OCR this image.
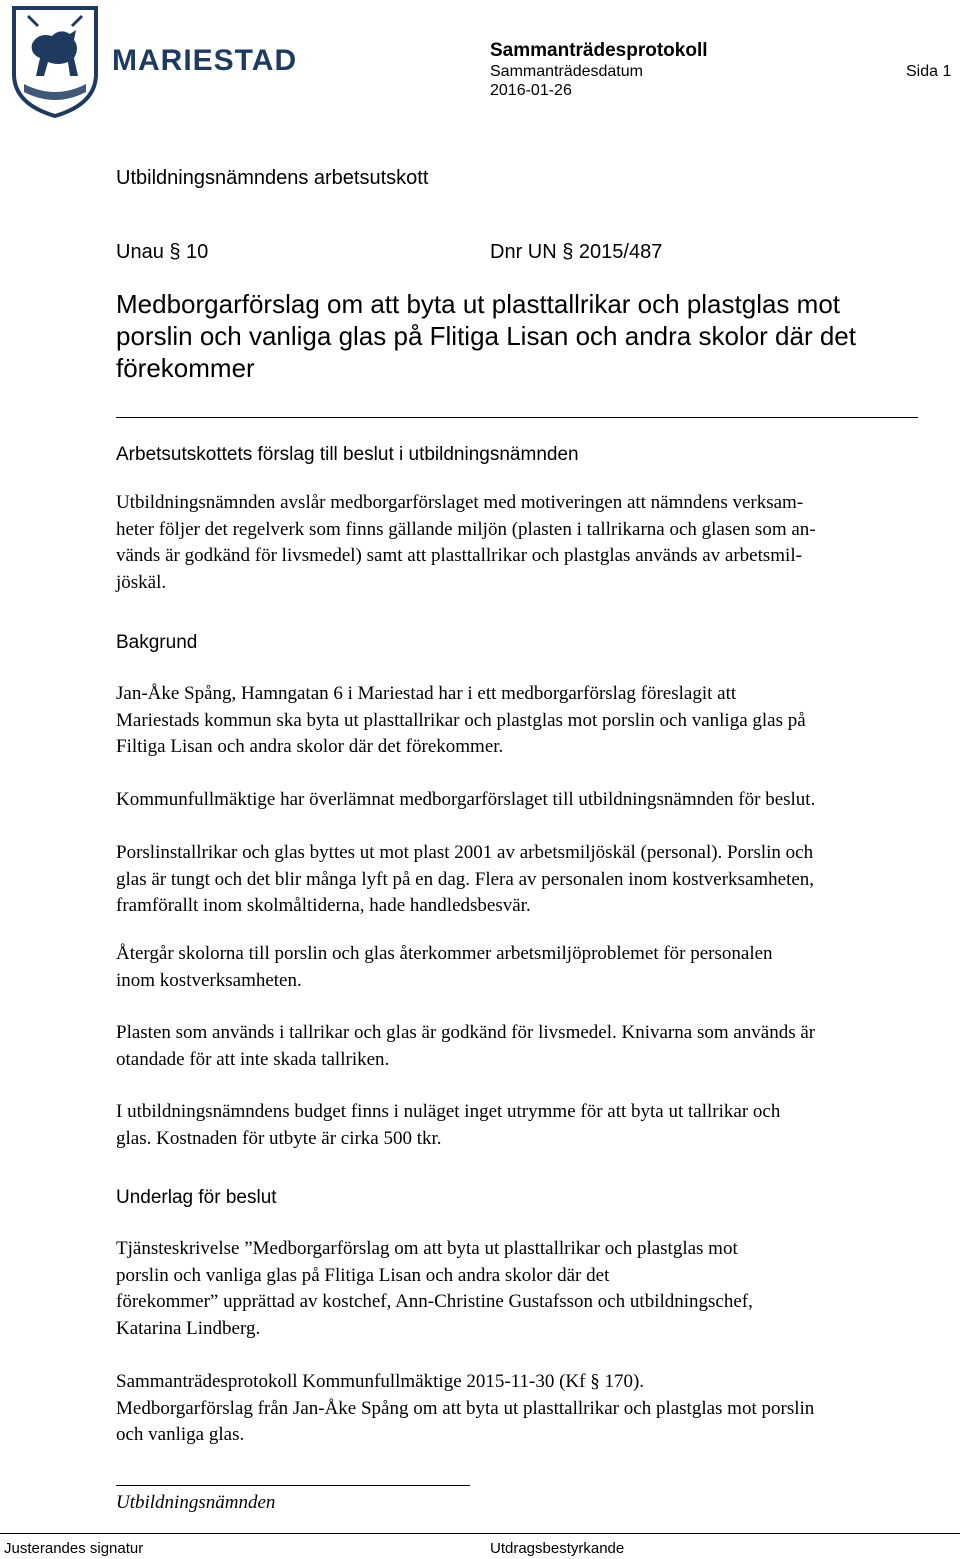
MARIESTAD	Sammanträdesprotokoll
Sammanträdesdatum	Sida 1
2016-01-26
Utbildningsnämndens arbetsutskott
Unau § 10	Dnr UN § 2015/487
Medborgarförslag om att byta ut plasttallrikar och plastglas mot
porslin och vanliga glas på Flitiga Lisan och andra skolor där det
förekommer
Arbetsutskottets förslag till beslut i utbildningsnämnden
Utbildningsnämnden avslår medborgarförslaget med motiveringen att nämndens verksam-
heter följer det regelverk som finns gällande miljön (plasten i tallrikarna och glasen som an-
vänds är godkänd för livsmedel) samt att plasttallrikar och plastglas används av arbetsmil-
jöskäl.
Bakgrund
Jan-Åke Spång, Hamngatan 6 i Mariestad har i ett medborgarförslag föreslagit att
Mariestads kommun ska byta ut plasttallrikar och plastglas mot porslin och vanliga glas på
Filtiga Lisan och andra skolor där det förekommer.
Kommunfullmäktige har överlämnat medborgarförslaget till utbildningsnämnden för beslut.
Porslinstallrikar och glas byttes ut mot plast 2001 av arbetsmiljöskäl (personal). Porslin och
glas är tungt och det blir många lyft på en dag. Flera av personalen inom kostverksamheten,
framförallt inom skolmåltiderna, hade handledsbesvär.
Återgår skolorna till porslin och glas återkommer arbetsmiljöproblemet för personalen
inom kostverksamheten.
Plasten som används i tallrikar och glas är godkänd för livsmedel. Knivarna som används är
otandade för att inte skada tallriken.
I utbildningsnämndens budget finns i nuläget inget utrymme för att byta ut tallrikar och
glas. Kostnaden för utbyte är cirka 500 tkr.
Underlag för beslut
Tjänsteskrivelse ”Medborgarförslag om att byta ut plasttallrikar och plastglas mot
porslin och vanliga glas på Flitiga Lisan och andra skolor där det
förekommer” upprättad av kostchef, Ann-Christine Gustafsson och utbildningschef,
Katarina Lindberg.
Sammanträdesprotokoll Kommunfullmäktige 2015-11-30 (Kf § 170).
Medborgarförslag från Jan-Åke Spång om att byta ut plasttallrikar och plastglas mot porslin
och vanliga glas.
Utbildningsnämnden
Justerandes signatur	Utdragsbestyrkande
